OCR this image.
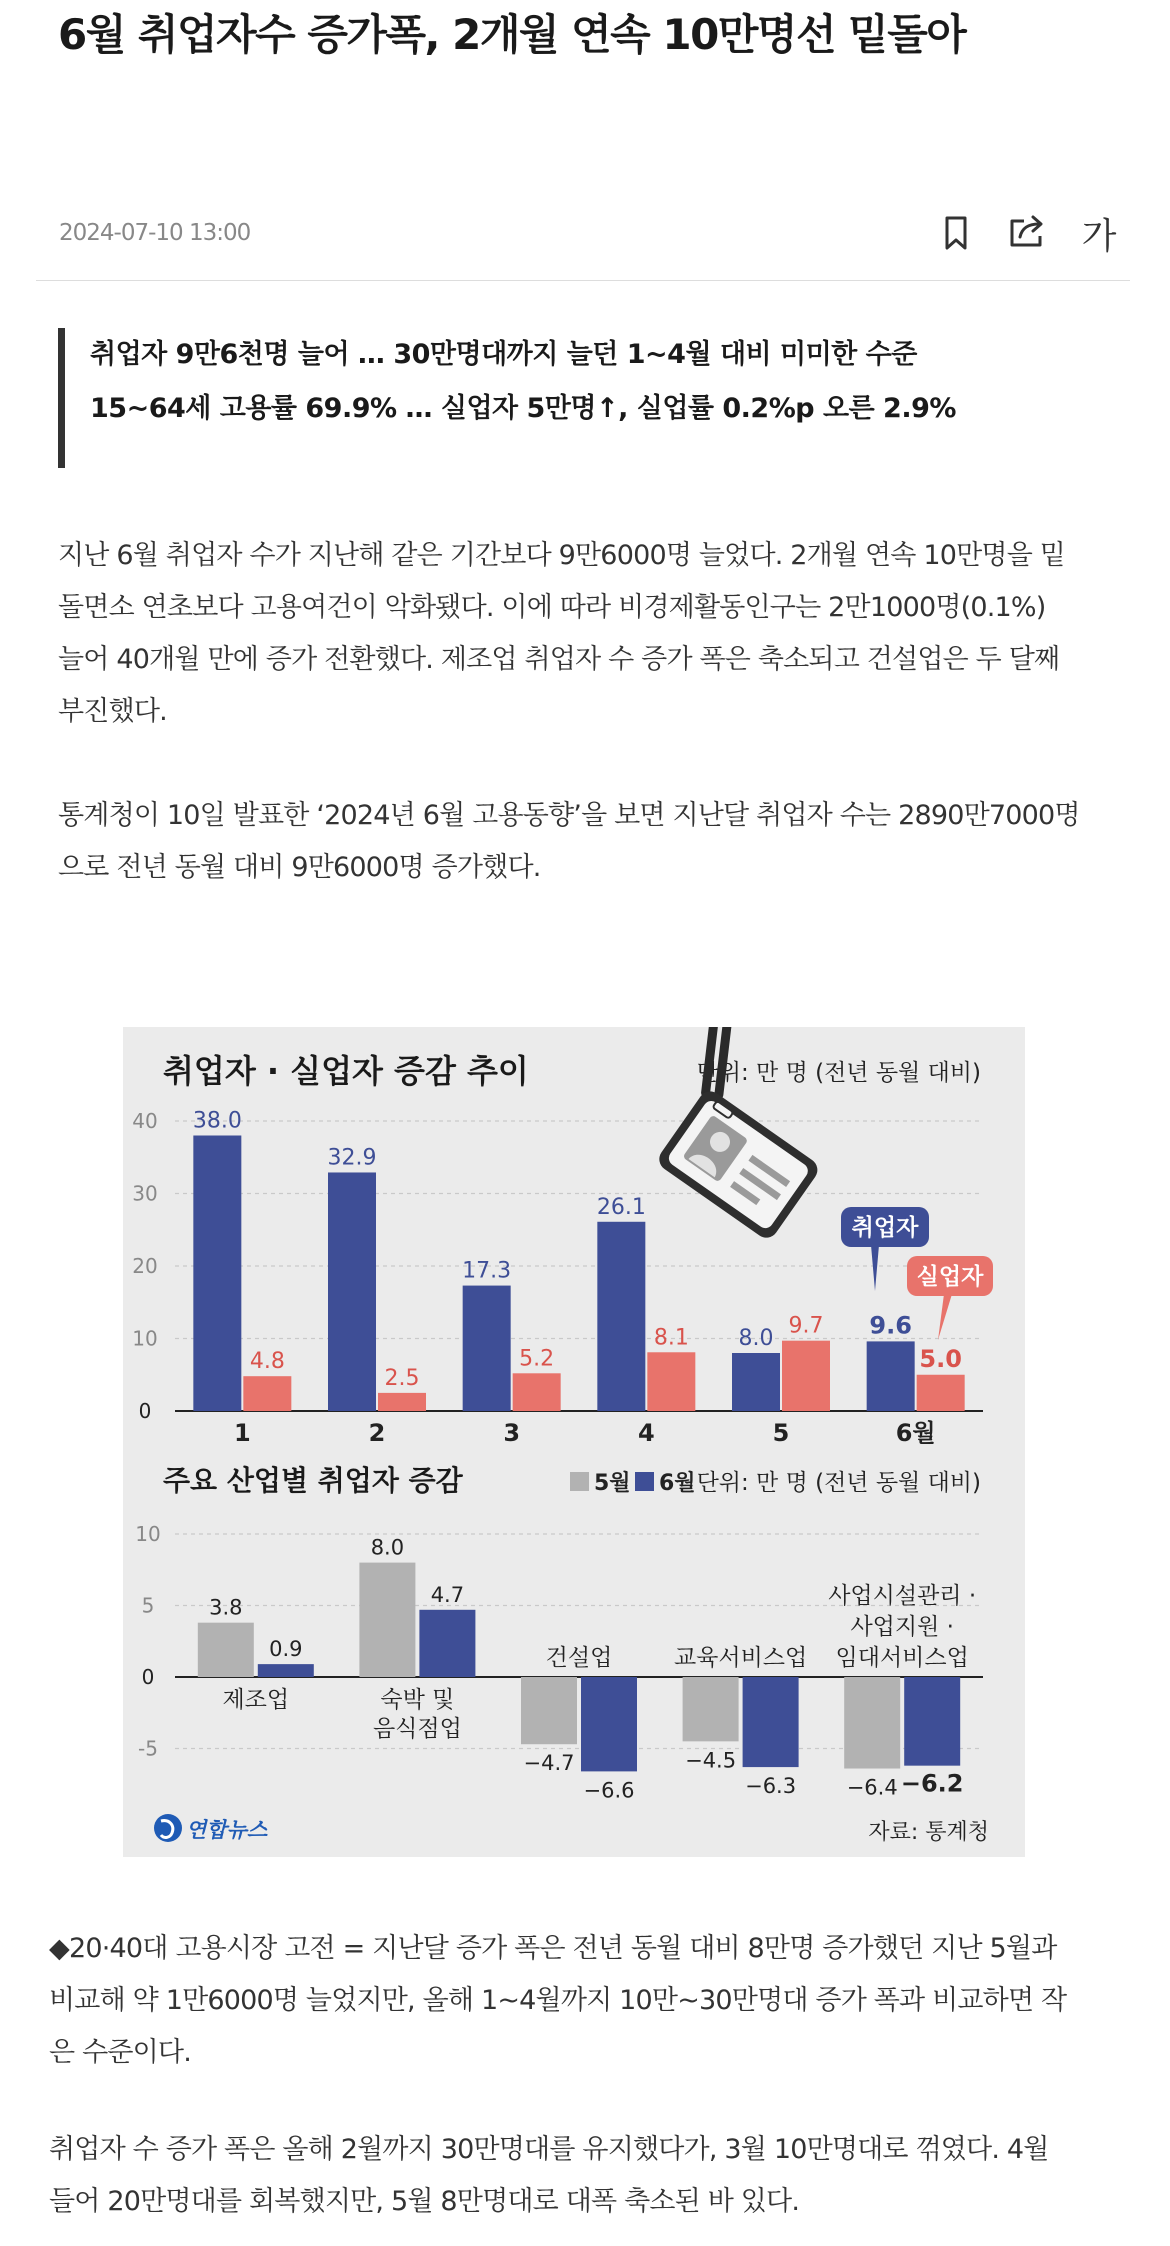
6월 취업자수 증가폭, 2개월 연속 10만명선 밑돌아
2024-07-10 13:00	가

취업자 9만6천명 늘어 … 30만명대까지 늘던 1~4월 대비 미미한 수준

15~64세 고용률 69.9% … 실업자 5만명↑, 실업률 0.2%p 오른 2.9%

지난 6월 취업자 수가 지난해 같은 기간보다 9만6000명 늘었다. 2개월 연속 10만명을 밑
돌면소 연초보다 고용여건이 악화됐다. 이에 따라 비경제활동인구는 2만1000명(0.1%)
늘어 40개월 만에 증가 전환했다. 제조업 취업자 수 증가 폭은 축소되고 건설업은 두 달째
부진했다.

통계청이 10일 발표한 ‘2024년 6월 고용동향’을 보면 지난달 취업자 수는 2890만7000명
으로 전년 동월 대비 9만6000명 증가했다.

취업자 · 실업자 증감 추이	단위: 만 명 (전년 동월 대비)
40
30
20
10
0
38.0
4.8
32.9
2.5
17.3
5.2
26.1
8.1 8.0 9.7 9.6
5.0
1	2	3	4	5	6월
취업자
실업자
주요 산업별 취업자 증감	5월 6월 단위: 만 명 (전년 동월 대비)
10
5
0
-5
3.8
0.9
8.0
4.7
−4.7
−6.6
−4.5
−6.3 −6.4 −6.2
제조업	숙박 및
음식점업
건설업	교육서비스업
사업시설관리 ·
사업지원 ·
임대서비스업
연합뉴스	자료: 통계청

◆20·40대 고용시장 고전 = 지난달 증가 폭은 전년 동월 대비 8만명 증가했던 지난 5월과
비교해 약 1만6000명 늘었지만, 올해 1~4월까지 10만~30만명대 증가 폭과 비교하면 작
은 수준이다.

취업자 수 증가 폭은 올해 2월까지 30만명대를 유지했다가, 3월 10만명대로 꺾였다. 4월
들어 20만명대를 회복했지만, 5월 8만명대로 대폭 축소된 바 있다.
